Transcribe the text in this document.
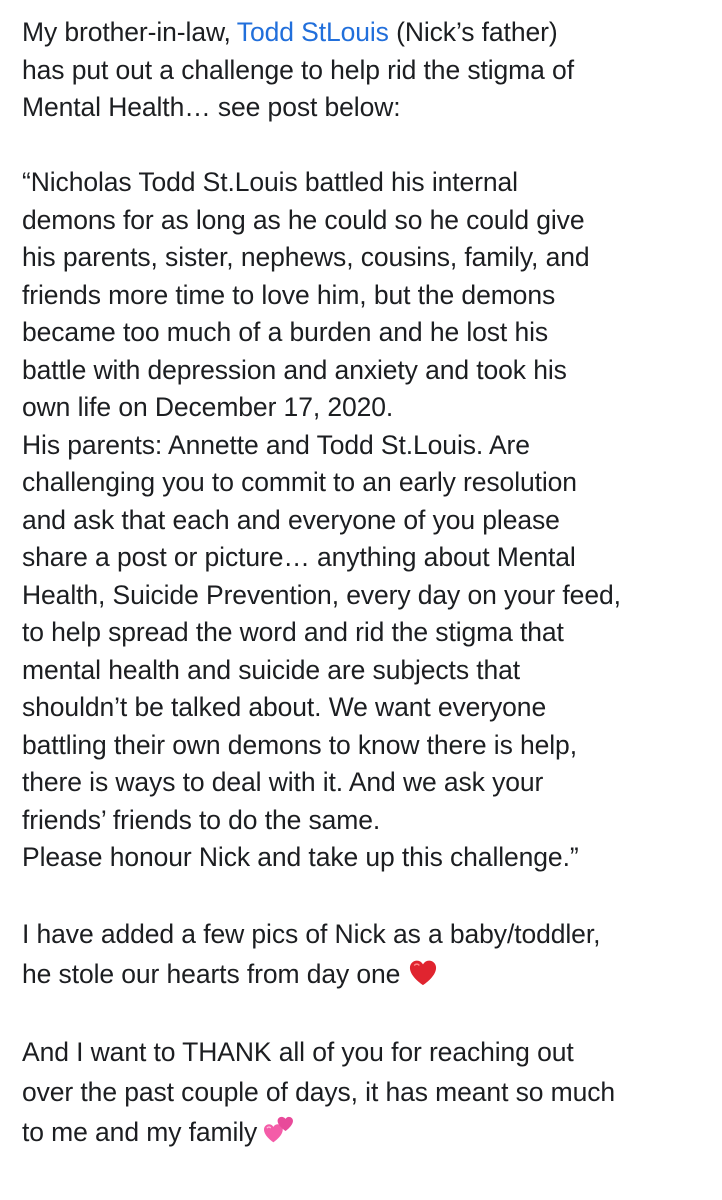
My brother-in-law, Todd StLouis (Nick’s father)
has put out a challenge to help rid the stigma of
Mental Health… see post below:
“Nicholas Todd St.Louis battled his internal
demons for as long as he could so he could give
his parents, sister, nephews, cousins, family, and
friends more time to love him, but the demons
became too much of a burden and he lost his
battle with depression and anxiety and took his
own life on December 17, 2020.
His parents: Annette and Todd St.Louis. Are
challenging you to commit to an early resolution
and ask that each and everyone of you please
share a post or picture… anything about Mental
Health, Suicide Prevention, every day on your feed,
to help spread the word and rid the stigma that
mental health and suicide are subjects that
shouldn’t be talked about. We want everyone
battling their own demons to know there is help,
there is ways to deal with it. And we ask your
friends’ friends to do the same.
Please honour Nick and take up this challenge.”
I have added a few pics of Nick as a baby/toddler,
he stole our hearts from day one
And I want to THANK all of you for reaching out
over the past couple of days, it has meant so much
to me and my family
